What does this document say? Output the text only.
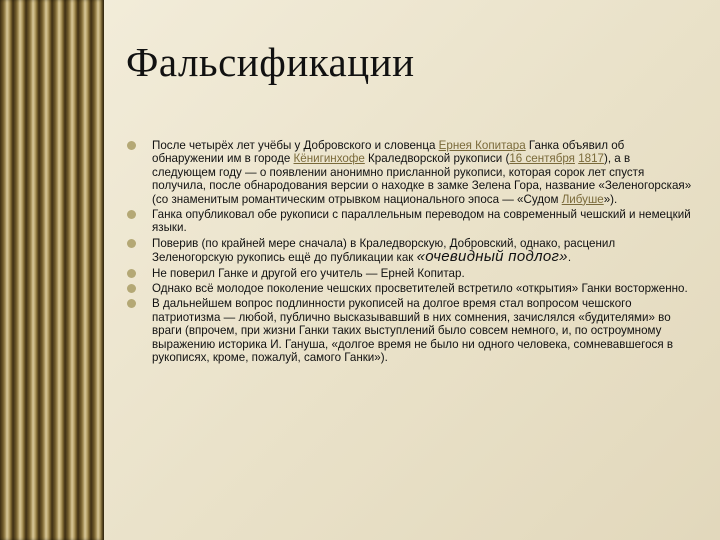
Фальсификации
После четырёх лет учёбы у Добровского и словенца Ернея Копитара Ганка объявил об обнаружении им в городе Кёнигинхофе Краледворской рукописи (16 сентября 1817), а в следующем году — о появлении анонимно присланной рукописи, которая сорок лет спустя получила, после обнародования версии о находке в замке Зелена Гора, название «Зеленогорская» (со знаменитым романтическим отрывком национального эпоса — «Судом Либуше»).
Ганка опубликовал обе рукописи с параллельным переводом на современный чешский и немецкий языки.
Поверив (по крайней мере сначала) в Краледворскую, Добровский, однако, расценил Зеленогорскую рукопись ещё до публикации как «очевидный подлог».
Не поверил Ганке и другой его учитель — Ерней Копитар.
Однако всё молодое поколение чешских просветителей встретило «открытия» Ганки восторженно.
В дальнейшем вопрос подлинности рукописей на долгое время стал вопросом чешского патриотизма — любой, публично высказывавший в них сомнения, зачислялся «будителями» во враги (впрочем, при жизни Ганки таких выступлений было совсем немного, и, по остроумному выражению историка И. Гануша, «долгое время не было ни одного человека, сомневавшегося в рукописях, кроме, пожалуй, самого Ганки»).
